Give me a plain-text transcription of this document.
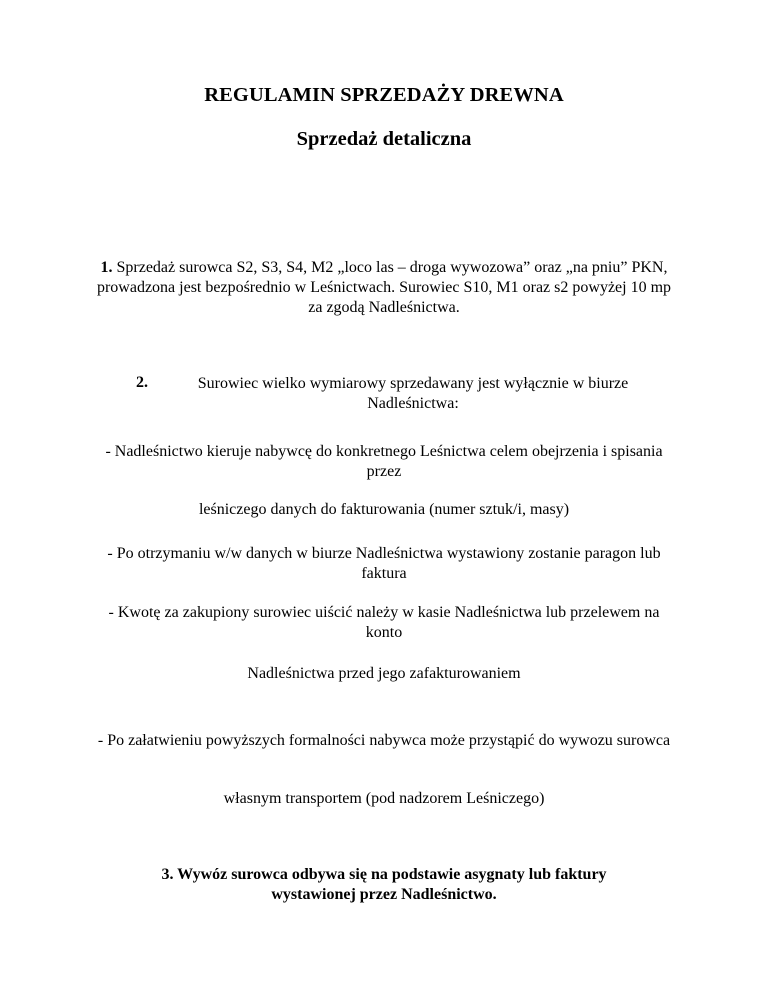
REGULAMIN SPRZEDAŻY DREWNA
Sprzedaż detaliczna
1. Sprzedaż surowca S2, S3, S4, M2 „loco las – droga wywozowa” oraz „na pniu” PKN, prowadzona jest bezpośrednio w Leśnictwach. Surowiec S10, M1 oraz s2 powyżej 10 mp za zgodą Nadleśnictwa.
2.	Surowiec wielko wymiarowy sprzedawany jest wyłącznie w biurze Nadleśnictwa:
- Nadleśnictwo kieruje nabywcę do konkretnego Leśnictwa celem obejrzenia i spisania przez
leśniczego danych do fakturowania (numer sztuk/i, masy)
- Po otrzymaniu w/w danych w biurze Nadleśnictwa wystawiony zostanie paragon lub faktura
- Kwotę za zakupiony surowiec uiścić należy w kasie Nadleśnictwa lub przelewem na konto
Nadleśnictwa przed jego zafakturowaniem
- Po załatwieniu powyższych formalności nabywca może przystąpić do wywozu surowca
własnym transportem (pod nadzorem Leśniczego)
3. Wywóz surowca odbywa się na podstawie asygnaty lub faktury wystawionej przez Nadleśnictwo.
